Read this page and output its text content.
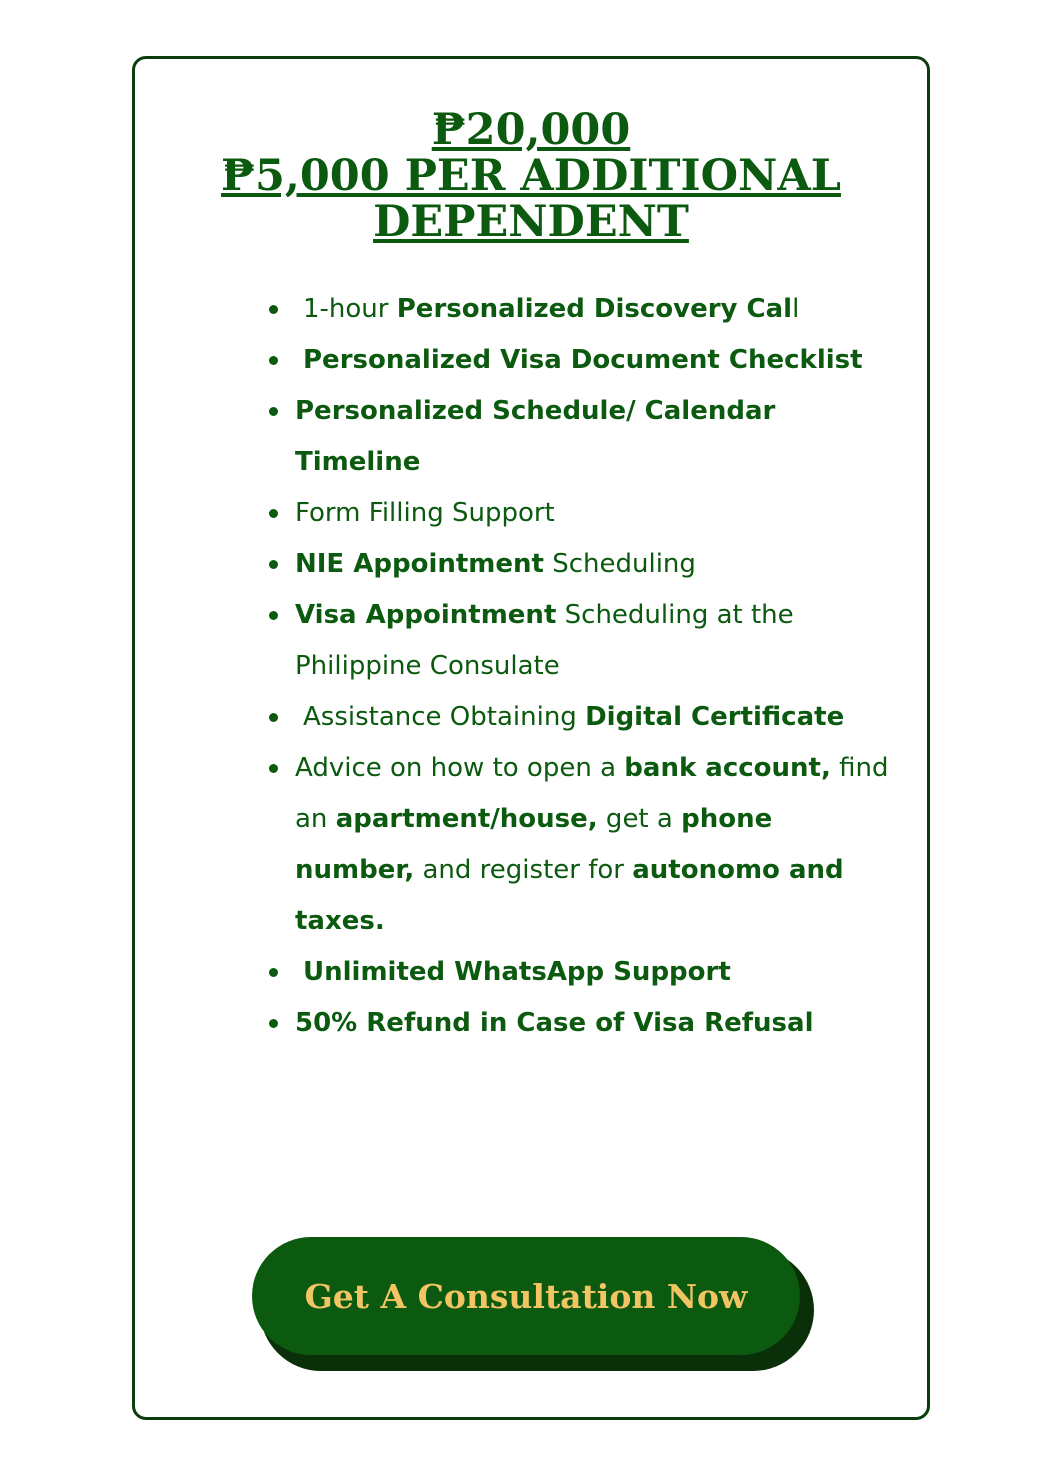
₱20,000
₱5,000 PER ADDITIONAL
DEPENDENT
1-hour Personalized Discovery Call
Personalized Visa Document Checklist
Personalized Schedule/ Calendar Timeline
Form Filling Support
NIE Appointment Scheduling
Visa Appointment Scheduling at the Philippine Consulate
Assistance Obtaining Digital Certificate
Advice on how to open a bank account, find an apartment/house, get a phone number, and register for autonomo and taxes.
Unlimited WhatsApp Support
50% Refund in Case of Visa Refusal
Get A Consultation Now
